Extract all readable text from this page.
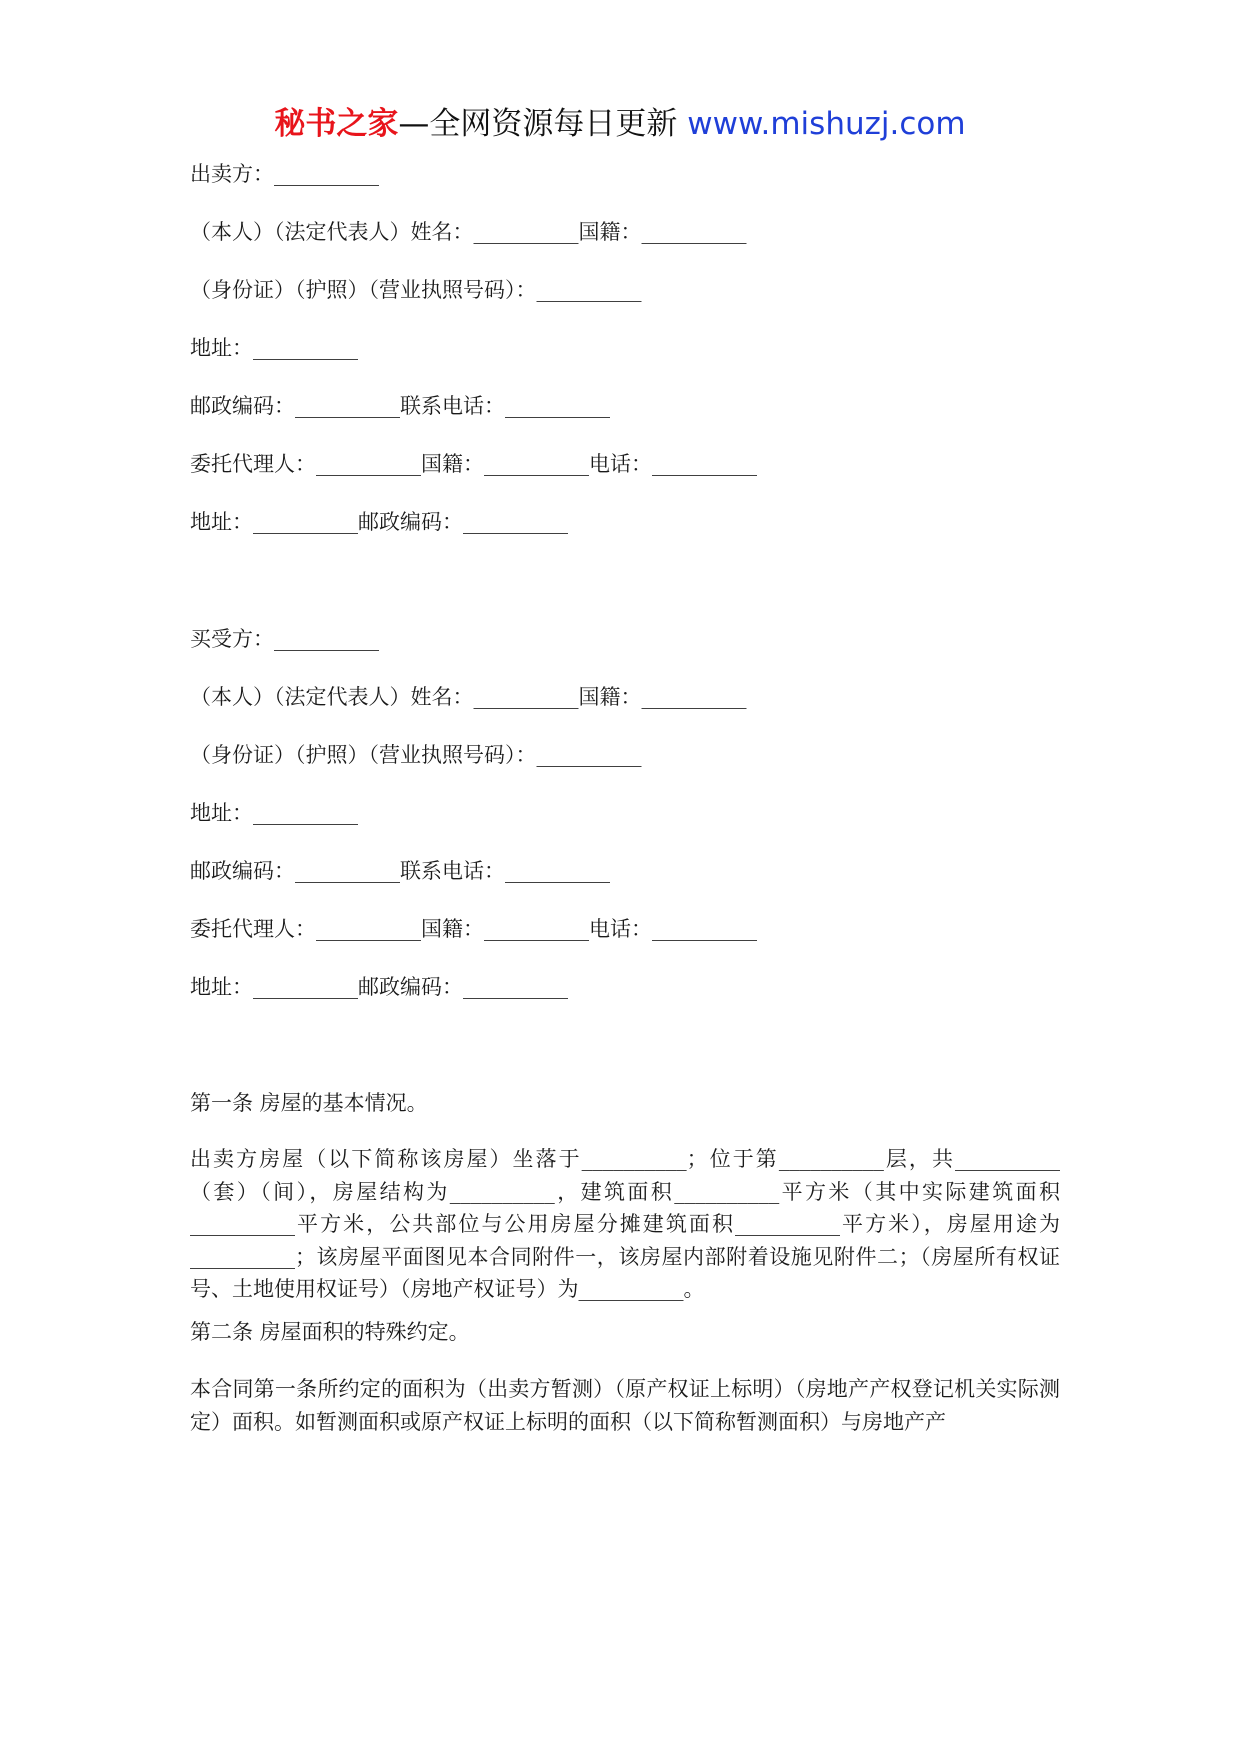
秘书之家—全网资源每日更新 www.mishuzj.com
出卖方：__________
（本人）（法定代表人）姓名：__________国籍：__________
（身份证）（护照）（营业执照号码）：__________
地址：__________
邮政编码：__________联系电话：__________
委托代理人：__________国籍：__________电话：__________
地址：__________邮政编码：__________
买受方：__________
（本人）（法定代表人）姓名：__________国籍：__________
（身份证）（护照）（营业执照号码）：__________
地址：__________
邮政编码：__________联系电话：__________
委托代理人：__________国籍：__________电话：__________
地址：__________邮政编码：__________
第一条 房屋的基本情况。
出卖方房屋（以下简称该房屋）坐落于__________；位于第__________层，共__________（套）（间），房屋结构为__________，建筑面积__________平方米（其中实际建筑面积__________平方米，公共部位与公用房屋分摊建筑面积__________平方米），房屋用途为__________；该房屋平面图见本合同附件一，该房屋内部附着设施见附件二；（房屋所有权证号、土地使用权证号）（房地产权证号）为__________。
第二条 房屋面积的特殊约定。
本合同第一条所约定的面积为（出卖方暂测）（原产权证上标明）（房地产产权登记机关实际测定）面积。如暂测面积或原产权证上标明的面积（以下简称暂测面积）与房地产产
